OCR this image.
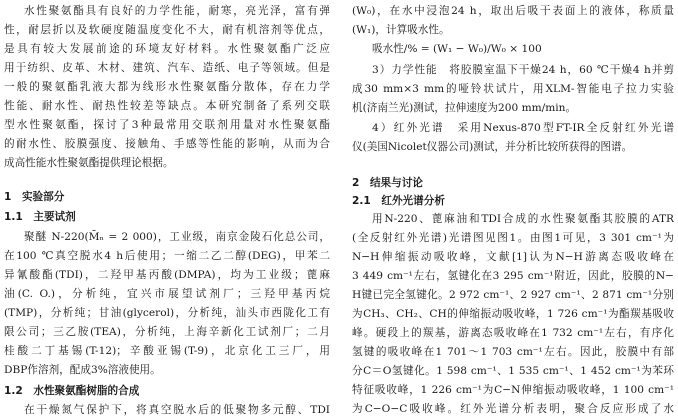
水性聚氨酯具有良好的力学性能，耐寒，亮光泽，富有弹
性，耐层折以及软硬度随温度变化不大，耐有机溶剂等优点，
是具有较大发展前途的环境友好材料。水性聚氨酯广泛应
用于纺织、皮革、木材、建筑、汽车、造纸、电子等领域。但是
一般的聚氨酯乳液大都为线形水性聚氨酯分散体，存在力学
性能、耐水性、耐热性较差等缺点。本研究制备了系列交联
型水性聚氨酯，探讨了3种最常用交联剂用量对水性聚氨酯
的耐水性、胶膜强度、接触角、手感等性能的影响，从而为合
成高性能水性聚氨酯提供理论根据。
1　实验部分
1.1　主要试剂
聚醚 N-220(M̄ₙ = 2 000)，工业级，南京金陵石化总公司，
在100 ℃真空脱水4 h后使用；一缩二乙二醇(DEG)，甲苯二
异氰酸酯(TDI)，二羟甲基丙酸(DMPA)，均为工业级；蓖麻
油(C. O.)，分析纯，宜兴市展望试剂厂；三羟甲基丙烷
(TMP)，分析纯；甘油(glycerol)，分析纯，汕头市西陇化工有
限公司；三乙胺(TEA)，分析纯，上海辛新化工试剂厂；二月
桂酸二丁基锡(T-12)；辛酸亚锡(T-9)，北京化工三厂，用
DBP作溶剂，配成3%溶液使用。
1.2　水性聚氨酯树脂的合成
在干燥氮气保护下，将真空脱水后的低聚物多元醇、TDI
(W₀)，在水中浸泡24 h，取出后吸干表面上的液体，称质量
(W₁)，计算吸水性。
吸水性/% = (W₁ − W₀)/W₀ × 100
3）力学性能　将胶膜室温下干燥24 h，60 ℃干燥4 h并剪
成30 mm×3 mm的哑铃状试片，用XLM-智能电子拉力实验
机(济南兰光)测试，拉伸速度为200 mm/min。
4）红外光谱　采用Nexus-870型FT-IR全反射红外光谱
仪(美国Nicolet仪器公司)测试，并分析比较所获得的图谱。
2　结果与讨论
2.1　红外光谱分析
用N-220、蓖麻油和TDI合成的水性聚氨酯其胶膜的ATR
(全反射红外光谱)光谱图见图1。由图1可见，3 301 cm⁻¹为
N−H伸缩振动吸收峰，文献[1]认为N−H游离态吸收峰在
3 449 cm⁻¹左右，氢键化在3 295 cm⁻¹附近，因此，胶膜的N−
H键已完全氢键化。2 972 cm⁻¹、2 927 cm⁻¹、2 871 cm⁻¹分别
为CH₃、CH₂、CH的伸缩振动吸收峰，1 726 cm⁻¹为酯羰基吸收
峰。硬段上的羰基，游离态吸收峰在1 732 cm⁻¹左右，有序化
氢键的吸收峰在1 701～1 703 cm⁻¹左右。因此，胶膜中有部
分C＝O氢键化。1 598 cm⁻¹、1 535 cm⁻¹、1 452 cm⁻¹为苯环
特征吸收峰，1 226 cm⁻¹为C−N伸缩振动吸收峰，1 100 cm⁻¹
为C−O−C吸收峰。红外光谱分析表明，聚合反应形成了水
